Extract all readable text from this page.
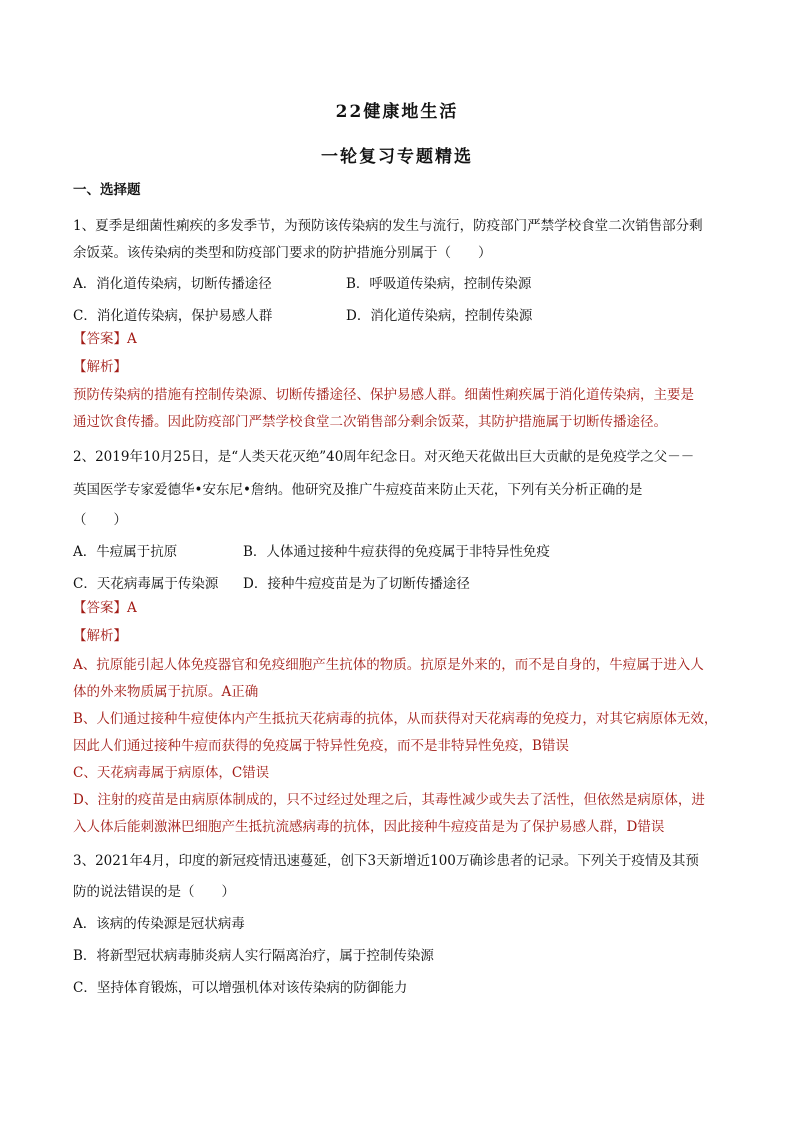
22健康地生活
一轮复习专题精选
一、选择题
1、夏季是细菌性痢疾的多发季节，为预防该传染病的发生与流行，防疫部门严禁学校食堂二次销售部分剩
余饭菜。该传染病的类型和防疫部门要求的防护措施分别属于（　　）
A．消化道传染病，切断传播途径	B．呼吸道传染病，控制传染源
C．消化道传染病，保护易感人群	D．消化道传染病，控制传染源
【答案】A
【解析】
预防传染病的措施有控制传染源、切断传播途径、保护易感人群。细菌性痢疾属于消化道传染病，主要是
通过饮食传播。因此防疫部门严禁学校食堂二次销售部分剩余饭菜，其防护措施属于切断传播途径。
2、2019年10月25日，是“人类天花灭绝”40周年纪念日。对灭绝天花做出巨大贡献的是免疫学之父－－
英国医学专家爱德华•安东尼•詹纳。他研究及推广牛痘疫苗来防止天花，下列有关分析正确的是
（　　）
A．牛痘属于抗原	B．人体通过接种牛痘获得的免疫属于非特异性免疫
C．天花病毒属于传染源	D．接种牛痘疫苗是为了切断传播途径
【答案】A
【解析】
A、抗原能引起人体免疫器官和免疫细胞产生抗体的物质。抗原是外来的，而不是自身的，牛痘属于进入人
体的外来物质属于抗原。A正确
B、人们通过接种牛痘使体内产生抵抗天花病毒的抗体，从而获得对天花病毒的免疫力，对其它病原体无效，
因此人们通过接种牛痘而获得的免疫属于特异性免疫，而不是非特异性免疫，B错误
C、天花病毒属于病原体，C错误
D、注射的疫苗是由病原体制成的，只不过经过处理之后，其毒性减少或失去了活性，但依然是病原体，进
入人体后能刺激淋巴细胞产生抵抗流感病毒的抗体，因此接种牛痘疫苗是为了保护易感人群，D错误
3、2021年4月，印度的新冠疫情迅速蔓延，创下3天新增近100万确诊患者的记录。下列关于疫情及其预
防的说法错误的是（　　）
A．该病的传染源是冠状病毒
B．将新型冠状病毒肺炎病人实行隔离治疗，属于控制传染源
C．坚持体育锻炼，可以增强机体对该传染病的防御能力
